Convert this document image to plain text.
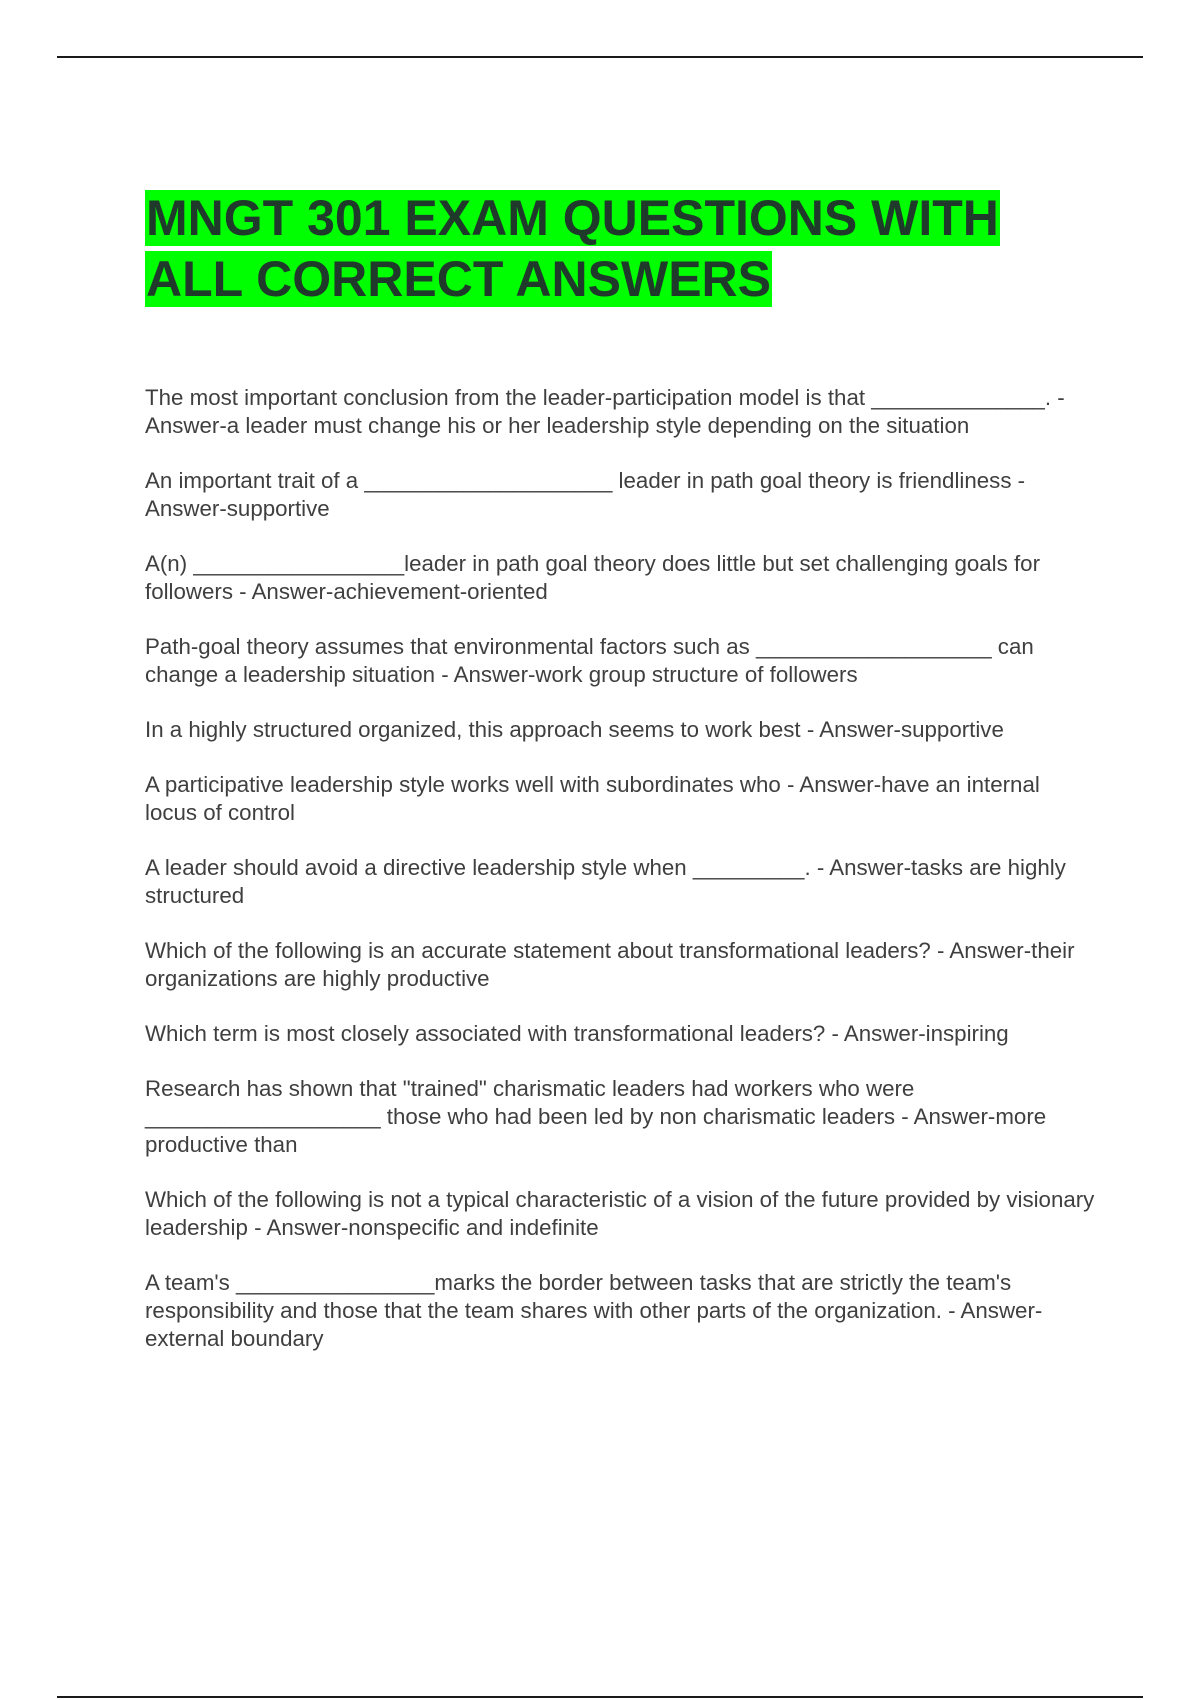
MNGT 301 EXAM QUESTIONS WITH
ALL CORRECT ANSWERS

The most important conclusion from the leader-participation model is that ______________. - Answer-a leader must change his or her leadership style depending on the situation

An important trait of a ____________________ leader in path goal theory is friendliness - Answer-supportive

A(n) _________________leader in path goal theory does little but set challenging goals for followers - Answer-achievement-oriented

Path-goal theory assumes that environmental factors such as ___________________ can change a leadership situation - Answer-work group structure of followers

In a highly structured organized, this approach seems to work best - Answer-supportive

A participative leadership style works well with subordinates who - Answer-have an internal locus of control

A leader should avoid a directive leadership style when _________. - Answer-tasks are highly structured

Which of the following is an accurate statement about transformational leaders? - Answer-their organizations are highly productive

Which term is most closely associated with transformational leaders? - Answer-inspiring

Research has shown that "trained" charismatic leaders had workers who were ___________________ those who had been led by non charismatic leaders - Answer-more productive than

Which of the following is not a typical characteristic of a vision of the future provided by visionary leadership - Answer-nonspecific and indefinite

A team's ________________marks the border between tasks that are strictly the team's responsibility and those that the team shares with other parts of the organization. - Answer-external boundary
